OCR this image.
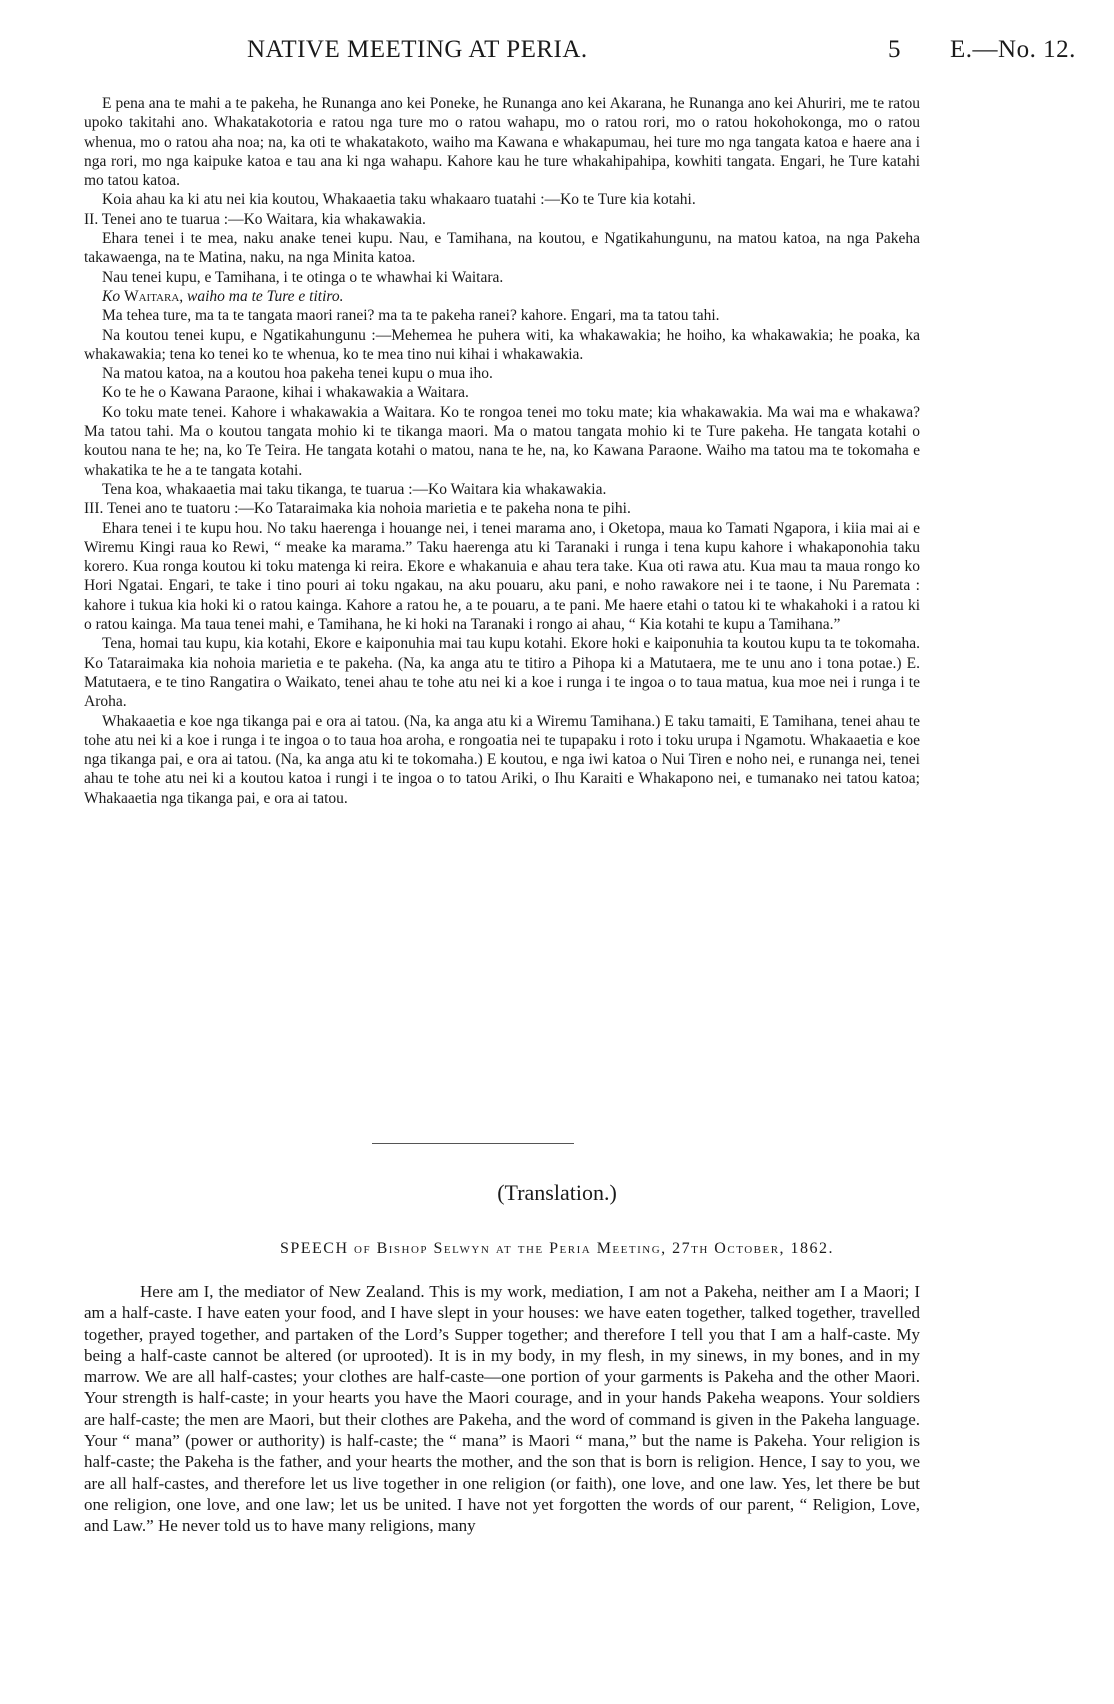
NATIVE MEETING AT PERIA.	5 E.—No. 12.

E pena ana te mahi a te pakeha, he Runanga ano kei Poneke, he Runanga ano kei Akarana, he Runanga ano kei Ahuriri, me te ratou upoko takitahi ano. Whakatakotoria e ratou nga ture mo o ratou wahapu, mo o ratou rori, mo o ratou hokohokonga, mo o ratou whenua, mo o ratou aha noa; na, ka oti te whakatakoto, waiho ma Kawana e whakapumau, hei ture mo nga tangata katoa e haere ana i nga rori, mo nga kaipuke katoa e tau ana ki nga wahapu. Kahore kau he ture whakahipahipa, kowhiti tangata. Engari, he Ture katahi mo tatou katoa.

Koia ahau ka ki atu nei kia koutou, Whakaaetia taku whakaaro tuatahi :—Ko te Ture kia kotahi.

II. Tenei ano te tuarua :—Ko Waitara, kia whakawakia.

Ehara tenei i te mea, naku anake tenei kupu. Nau, e Tamihana, na koutou, e Ngatikahungunu, na matou katoa, na nga Pakeha takawaenga, na te Matina, naku, na nga Minita katoa.

Nau tenei kupu, e Tamihana, i te otinga o te whawhai ki Waitara.

Ko Waitara, waiho ma te Ture e titiro.

Ma tehea ture, ma ta te tangata maori ranei? ma ta te pakeha ranei? kahore. Engari, ma ta tatou tahi.

Na koutou tenei kupu, e Ngatikahungunu :—Mehemea he puhera witi, ka whakawakia; he hoiho, ka whakawakia; he poaka, ka whakawakia; tena ko tenei ko te whenua, ko te mea tino nui kihai i whakawakia.

Na matou katoa, na a koutou hoa pakeha tenei kupu o mua iho.

Ko te he o Kawana Paraone, kihai i whakawakia a Waitara.

Ko toku mate tenei. Kahore i whakawakia a Waitara. Ko te rongoa tenei mo toku mate; kia whakawakia. Ma wai ma e whakawa? Ma tatou tahi. Ma o koutou tangata mohio ki te tikanga maori. Ma o matou tangata mohio ki te Ture pakeha. He tangata kotahi o koutou nana te he; na, ko Te Teira. He tangata kotahi o matou, nana te he, na, ko Kawana Paraone. Waiho ma tatou ma te tokomaha e whakatika te he a te tangata kotahi.

Tena koa, whakaaetia mai taku tikanga, te tuarua :—Ko Waitara kia whakawakia.

III. Tenei ano te tuatoru :—Ko Tataraimaka kia nohoia marietia e te pakeha nona te pihi.

Ehara tenei i te kupu hou. No taku haerenga i houange nei, i tenei marama ano, i Oketopa, maua ko Tamati Ngapora, i kiia mai ai e Wiremu Kingi raua ko Rewi, “ meake ka marama.” Taku haerenga atu ki Taranaki i runga i tena kupu kahore i whakaponohia taku korero. Kua ronga koutou ki toku matenga ki reira. Ekore e whakanuia e ahau tera take. Kua oti rawa atu. Kua mau ta maua rongo ko Hori Ngatai. Engari, te take i tino pouri ai toku ngakau, na aku pouaru, aku pani, e noho rawakore nei i te taone, i Nu Paremata : kahore i tukua kia hoki ki o ratou kainga. Kahore a ratou he, a te pouaru, a te pani. Me haere etahi o tatou ki te whakahoki i a ratou ki o ratou kainga. Ma taua tenei mahi, e Tamihana, he ki hoki na Taranaki i rongo ai ahau, “ Kia kotahi te kupu a Tamihana.”

Tena, homai tau kupu, kia kotahi, Ekore e kaiponuhia mai tau kupu kotahi. Ekore hoki e kaiponuhia ta koutou kupu ta te tokomaha. Ko Tataraimaka kia nohoia marietia e te pakeha. (Na, ka anga atu te titiro a Pihopa ki a Matutaera, me te unu ano i tona potae.) E. Matutaera, e te tino Rangatira o Waikato, tenei ahau te tohe atu nei ki a koe i runga i te ingoa o to taua matua, kua moe nei i runga i te Aroha.

Whakaaetia e koe nga tikanga pai e ora ai tatou. (Na, ka anga atu ki a Wiremu Tamihana.) E taku tamaiti, E Tamihana, tenei ahau te tohe atu nei ki a koe i runga i te ingoa o to taua hoa aroha, e rongoatia nei te tupapaku i roto i toku urupa i Ngamotu. Whakaaetia e koe nga tikanga pai, e ora ai tatou. (Na, ka anga atu ki te tokomaha.) E koutou, e nga iwi katoa o Nui Tiren e noho nei, e runanga nei, tenei ahau te tohe atu nei ki a koutou katoa i rungi i te ingoa o to tatou Ariki, o Ihu Karaiti e Whakapono nei, e tumanako nei tatou katoa; Whakaaetia nga tikanga pai, e ora ai tatou.

(Translation.)
SPEECH of Bishop Selwyn at the Peria Meeting, 27th October, 1862.

Here am I, the mediator of New Zealand. This is my work, mediation, I am not a Pakeha, neither am I a Maori; I am a half-caste. I have eaten your food, and I have slept in your houses: we have eaten together, talked together, travelled together, prayed together, and partaken of the Lord’s Supper together; and therefore I tell you that I am a half-caste. My being a half-caste cannot be altered (or uprooted). It is in my body, in my flesh, in my sinews, in my bones, and in my marrow. We are all half-castes; your clothes are half-caste—one portion of your garments is Pakeha and the other Maori. Your strength is half-caste; in your hearts you have the Maori courage, and in your hands Pakeha weapons. Your soldiers are half-caste; the men are Maori, but their clothes are Pakeha, and the word of command is given in the Pakeha language. Your “ mana” (power or authority) is half-caste; the “ mana” is Maori “ mana,” but the name is Pakeha. Your religion is half-caste; the Pakeha is the father, and your hearts the mother, and the son that is born is religion. Hence, I say to you, we are all half-castes, and therefore let us live together in one religion (or faith), one love, and one law. Yes, let there be but one religion, one love, and one law; let us be united. I have not yet forgotten the words of our parent, “ Religion, Love, and Law.” He never told us to have many religions, many
